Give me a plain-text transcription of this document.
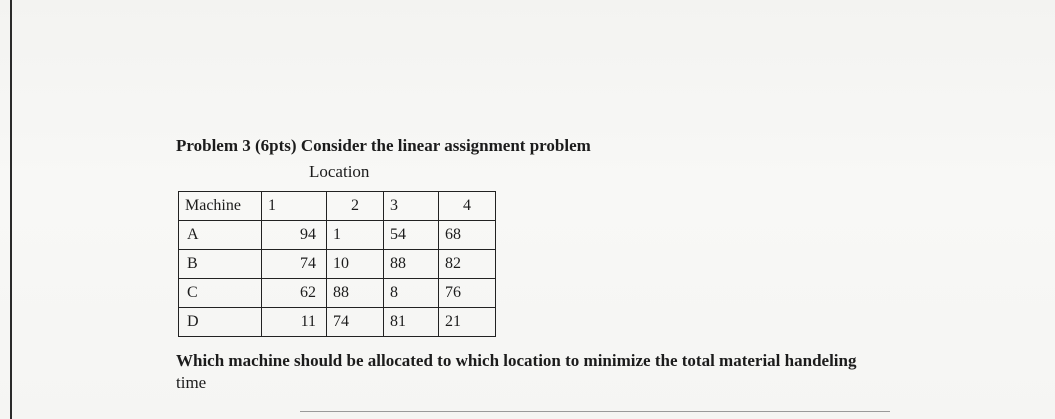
Problem 3 (6pts) Consider the linear assignment problem
Location
Machine	1	2	3	4
A	94	1	54	68
B	74	10	88	82
C	62	88	8	76
D	11	74	81	21
Which machine should be allocated to which location to minimize the total material handeling
time
